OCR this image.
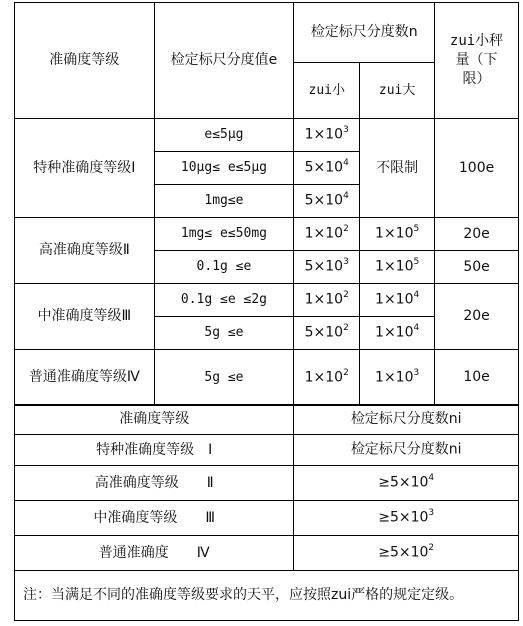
准确度等级	检定标尺分度值e	检定标尺分度数n		zui小秤量（下限）
		zui小	zui大	
特种准确度等级Ⅰ	e≤5μg	$1\times 10^3$	不限制	100e
	10μg≤ e≤5μg	$5\times 10^4$
	1mg≤e	$5\times 10^4$
高准确度等级Ⅱ	1mg≤ e≤50mg	$1\times 10^2$	$1\times 10^5$	20e
	0.1g ≤e	$5\times 10^3$	$1\times 10^5$	50e
中准确度等级Ⅲ	0.1g ≤e ≤2g	$1\times 10^2$	$1\times 10^4$	20e
	5g ≤e	$5\times 10^2$	$1\times 10^4$
普通准确度等级Ⅳ	5g ≤e	$1\times 10^2$	$1\times 10^3$	10e
准确度等级	检定标尺分度数ni
特种准确度等级　Ⅰ	检定标尺分度数ni
高准确度等级　　Ⅱ	$\ge 5\times 10^4$
中准确度等级　　Ⅲ	$\ge 5\times 10^3$
普通准确度　　Ⅳ	$\ge 5\times 10^2$
注：当满足不同的准确度等级要求的天平，应按照zui严格的规定定级。	
